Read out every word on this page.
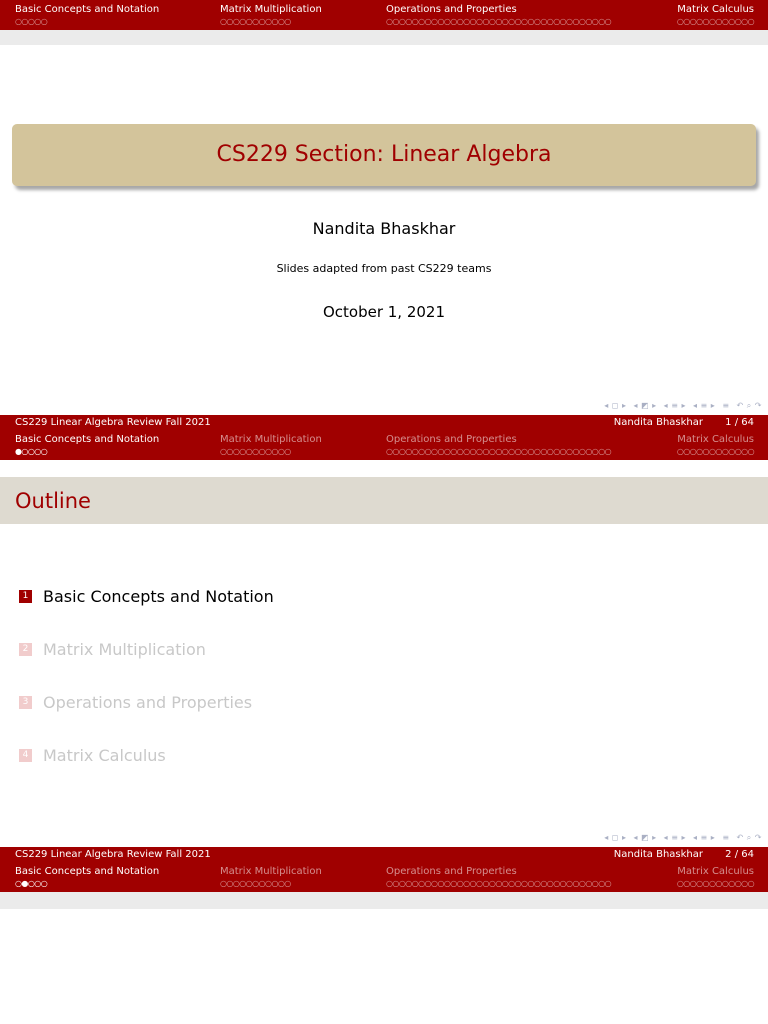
Basic Concepts and Notation
○○○○○
Matrix Multiplication
○○○○○○○○○○○
Operations and Properties
○○○○○○○○○○○○○○○○○○○○○○○○○○○○○○○○○○○
Matrix Calculus
○○○○○○○○○○○○
CS229 Section: Linear Algebra
Nandita Bhaskhar
Slides adapted from past CS229 teams
October 1, 2021
◂ ◻ ▸ ◂ ◩ ▸ ◂ ≡ ▸ ◂ ≡ ▸ ≡ ↶ ⌕ ↷
CS229 Linear Algebra Review Fall 2021	Nandita Bhaskhar 1 / 64
Basic Concepts and Notation
●○○○○
Matrix Multiplication
○○○○○○○○○○○
Operations and Properties
○○○○○○○○○○○○○○○○○○○○○○○○○○○○○○○○○○○
Matrix Calculus
○○○○○○○○○○○○
Outline
1 Basic Concepts and Notation
2 Matrix Multiplication
3 Operations and Properties
4 Matrix Calculus
◂ ◻ ▸ ◂ ◩ ▸ ◂ ≡ ▸ ◂ ≡ ▸ ≡ ↶ ⌕ ↷
CS229 Linear Algebra Review Fall 2021	Nandita Bhaskhar 2 / 64
Basic Concepts and Notation
○●○○○
Matrix Multiplication
○○○○○○○○○○○
Operations and Properties
○○○○○○○○○○○○○○○○○○○○○○○○○○○○○○○○○○○
Matrix Calculus
○○○○○○○○○○○○
